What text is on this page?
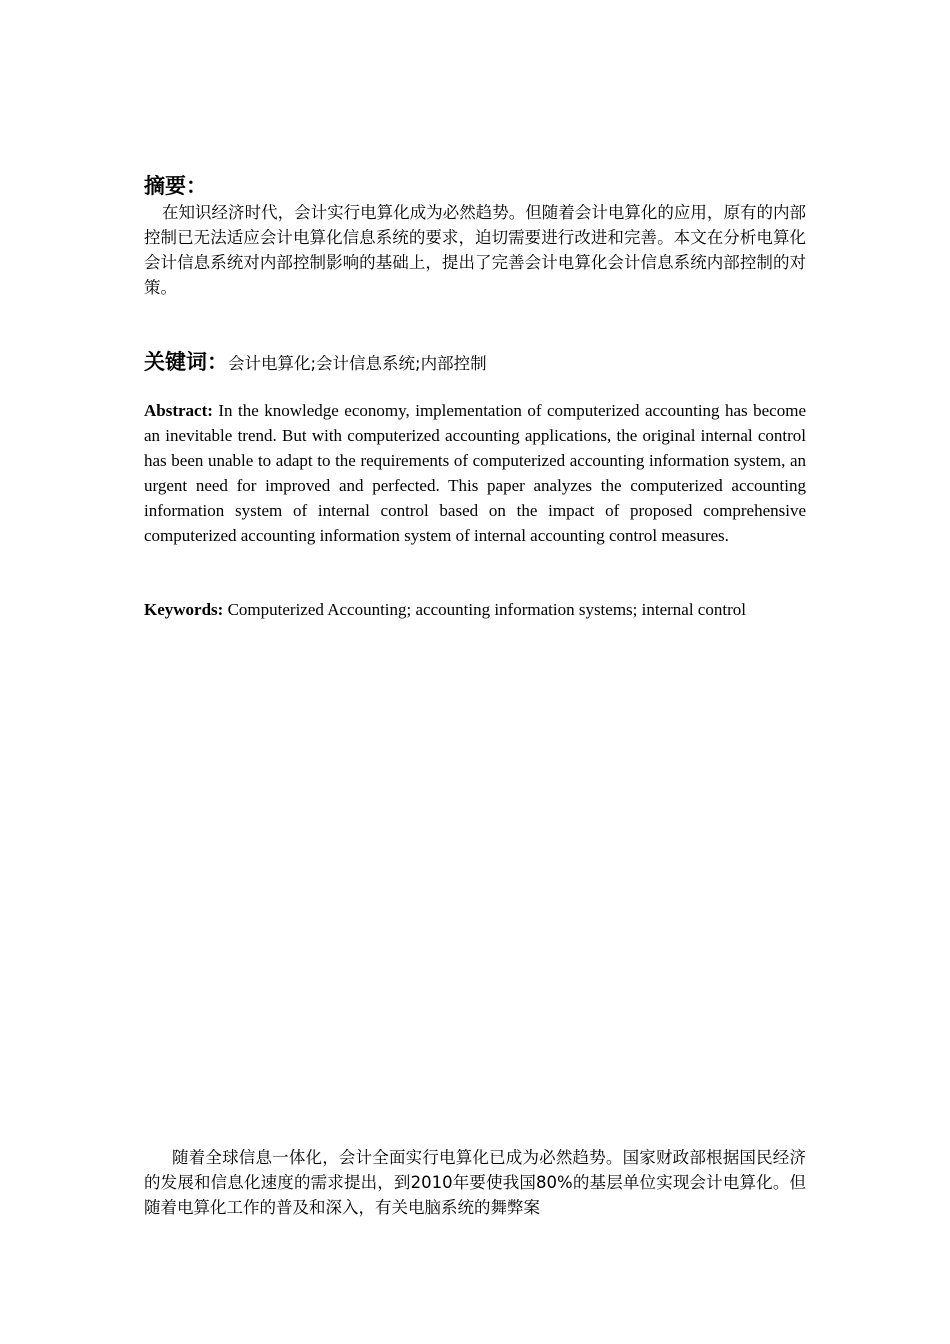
摘要：
在知识经济时代，会计实行电算化成为必然趋势。但随着会计电算化的应用，原有的内部控制已无法适应会计电算化信息系统的要求，迫切需要进行改进和完善。本文在分析电算化会计信息系统对内部控制影响的基础上，提出了完善会计电算化会计信息系统内部控制的对策。
关键词：会计电算化;会计信息系统;内部控制
Abstract: In the knowledge economy, implementation of computerized accounting has become an inevitable trend. But with computerized accounting applications, the original internal control has been unable to adapt to the requirements of computerized accounting information system, an urgent need for improved and perfected. This paper analyzes the computerized accounting information system of internal control based on the impact of proposed comprehensive computerized accounting information system of internal accounting control measures.
Keywords: Computerized Accounting; accounting information systems; internal control
随着全球信息一体化，会计全面实行电算化已成为必然趋势。国家财政部根据国民经济的发展和信息化速度的需求提出，到2010年要使我国80%的基层单位实现会计电算化。但随着电算化工作的普及和深入，有关电脑系统的舞弊案
